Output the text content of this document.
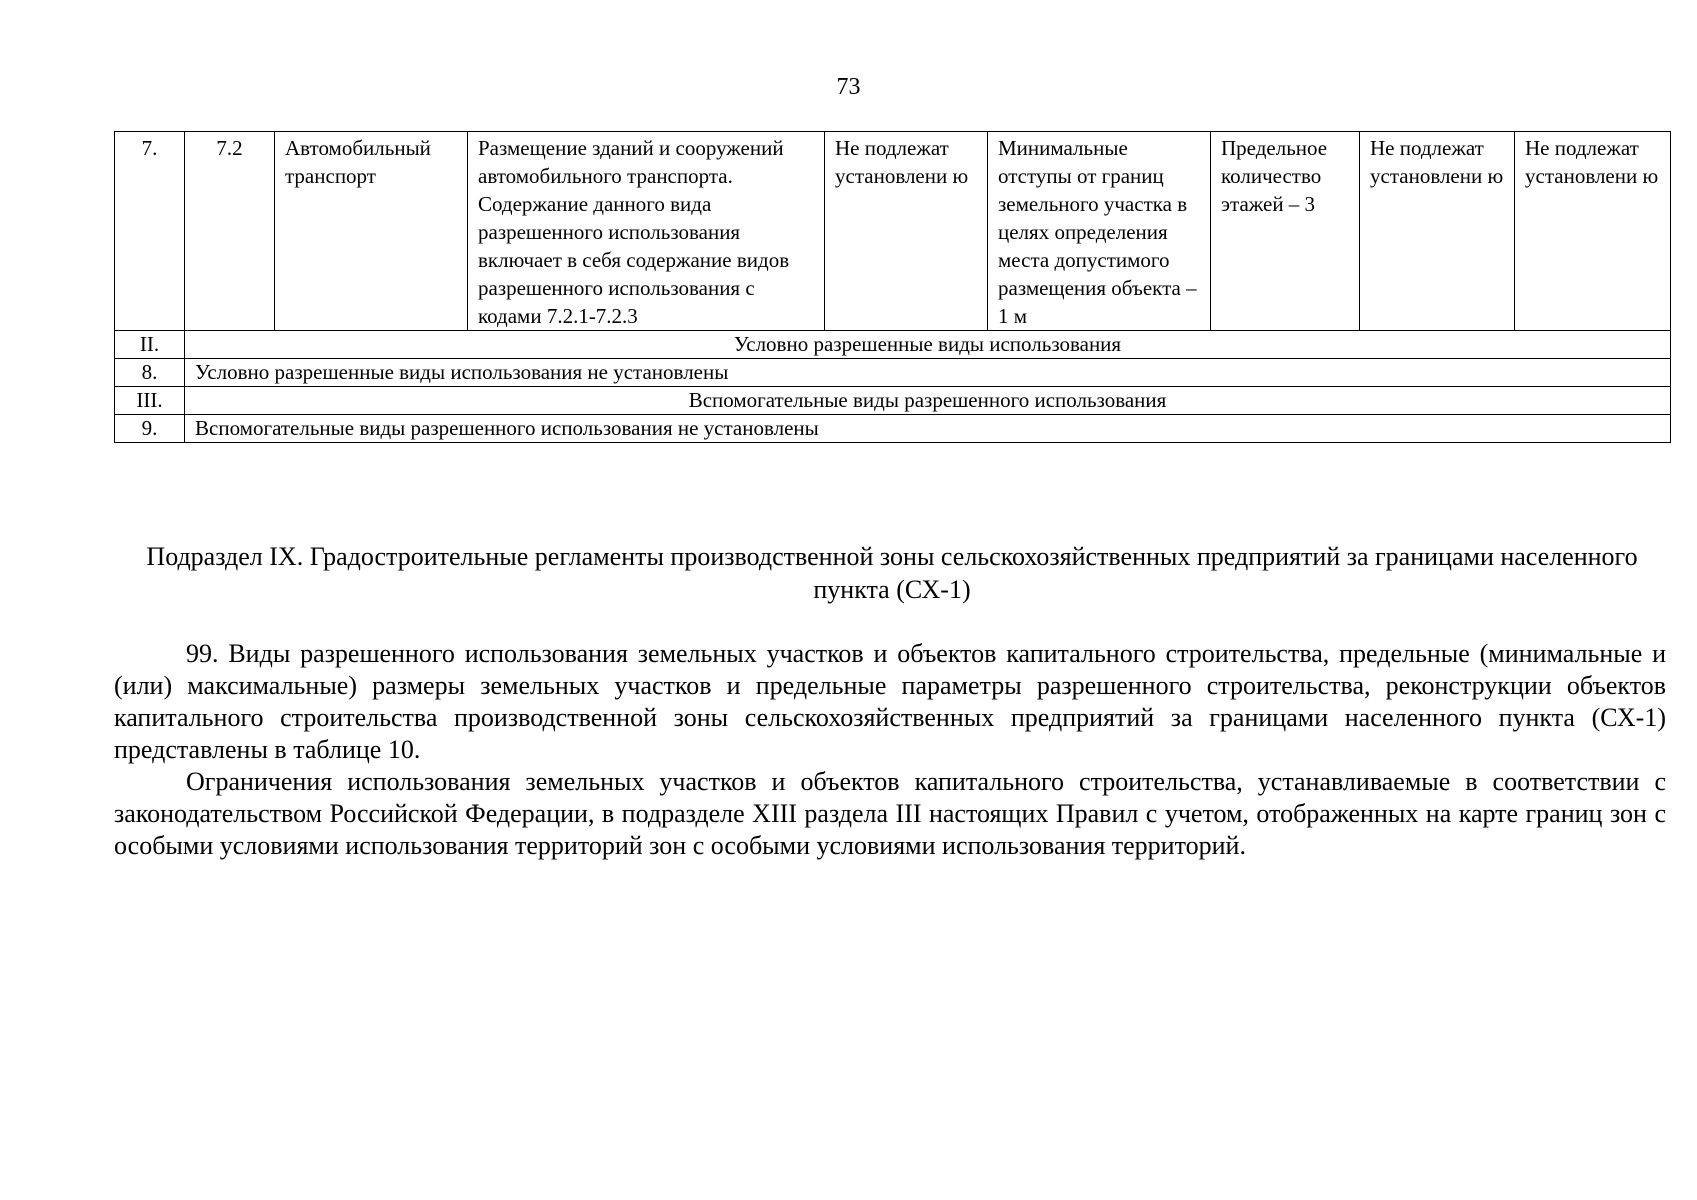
73
7.	7.2	Автомобильный транспорт	Размещение зданий и сооружений автомобильного транспорта. Содержание данного вида разрешенного использования включает в себя содержание видов разрешенного использования с кодами 7.2.1-7.2.3	Не подлежат установлени ю	Минимальные отступы от границ земельного участка в целях определения места допустимого размещения объекта – 1 м	Предельное количество этажей – 3	Не подлежат установлени ю	Не подлежат установлени ю
II.	Условно разрешенные виды использования							
8.	Условно разрешенные виды использования не установлены							
III.	Вспомогательные виды разрешенного использования							
9.	Вспомогательные виды разрешенного использования не установлены							
Подраздел IX. Градостроительные регламенты производственной зоны сельскохозяйственных предприятий за границами населенного пункта (СХ-1)

99. Виды разрешенного использования земельных участков и объектов капитального строительства, предельные (минимальные и (или) максимальные) размеры земельных участков и предельные параметры разрешенного строительства, реконструкции объектов капитального строительства производственной зоны сельскохозяйственных предприятий за границами населенного пункта (СХ-1) представлены в таблице 10.

Ограничения использования земельных участков и объектов капитального строительства, устанавливаемые в соответствии с законодательством Российской Федерации, в подразделе XIII раздела III настоящих Правил с учетом, отображенных на карте границ зон с особыми условиями использования территорий зон с особыми условиями использования территорий.
